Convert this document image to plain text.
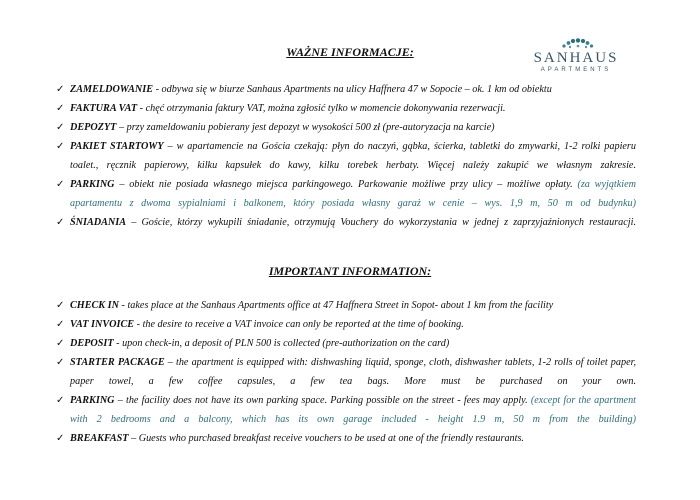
SANHAUS
APARTMENTS
WAŻNE INFORMACJE:
✓ ZAMELDOWANIE - odbywa się w biurze Sanhaus Apartments na ulicy Haffnera 47 w Sopocie – ok. 1 km od obiektu
✓ FAKTURA VAT - chęć otrzymania faktury VAT, można zgłosić tylko w momencie dokonywania rezerwacji.
✓ DEPOZYT – przy zameldowaniu pobierany jest depozyt w wysokości 500 zł (pre-autoryzacja na karcie)
✓ PAKIET STARTOWY – w apartamencie na Gościa czekają: płyn do naczyń, gąbka, ścierka, tabletki do zmywarki, 1-2 rolki papieru toalet., ręcznik papierowy, kilku kapsułek do kawy, kilku torebek herbaty. Więcej należy zakupić we własnym zakresie.
✓ PARKING – obiekt nie posiada własnego miejsca parkingowego. Parkowanie możliwe przy ulicy – możliwe opłaty. (za wyjątkiem apartamentu z dwoma sypialniami i balkonem, który posiada własny garaż w cenie – wys. 1,9 m, 50 m od budynku)
✓ ŚNIADANIA – Goście, którzy wykupili śniadanie, otrzymują Vouchery do wykorzystania w jednej z zaprzyjaźnionych restauracji.
IMPORTANT INFORMATION:
✓ CHECK IN - takes place at the Sanhaus Apartments office at 47 Haffnera Street in Sopot- about 1 km from the facility
✓ VAT INVOICE - the desire to receive a VAT invoice can only be reported at the time of booking.
✓ DEPOSIT - upon check-in, a deposit of PLN 500 is collected (pre-authorization on the card)
✓ STARTER PACKAGE – the apartment is equipped with: dishwashing liquid, sponge, cloth, dishwasher tablets, 1-2 rolls of toilet paper, paper towel, a few coffee capsules, a few tea bags. More must be purchased on your own.
✓ PARKING – the facility does not have its own parking space. Parking possible on the street - fees may apply. (except for the apartment with 2 bedrooms and a balcony, which has its own garage included - height 1.9 m, 50 m from the building)
✓ BREAKFAST – Guests who purchased breakfast receive vouchers to be used at one of the friendly restaurants.
